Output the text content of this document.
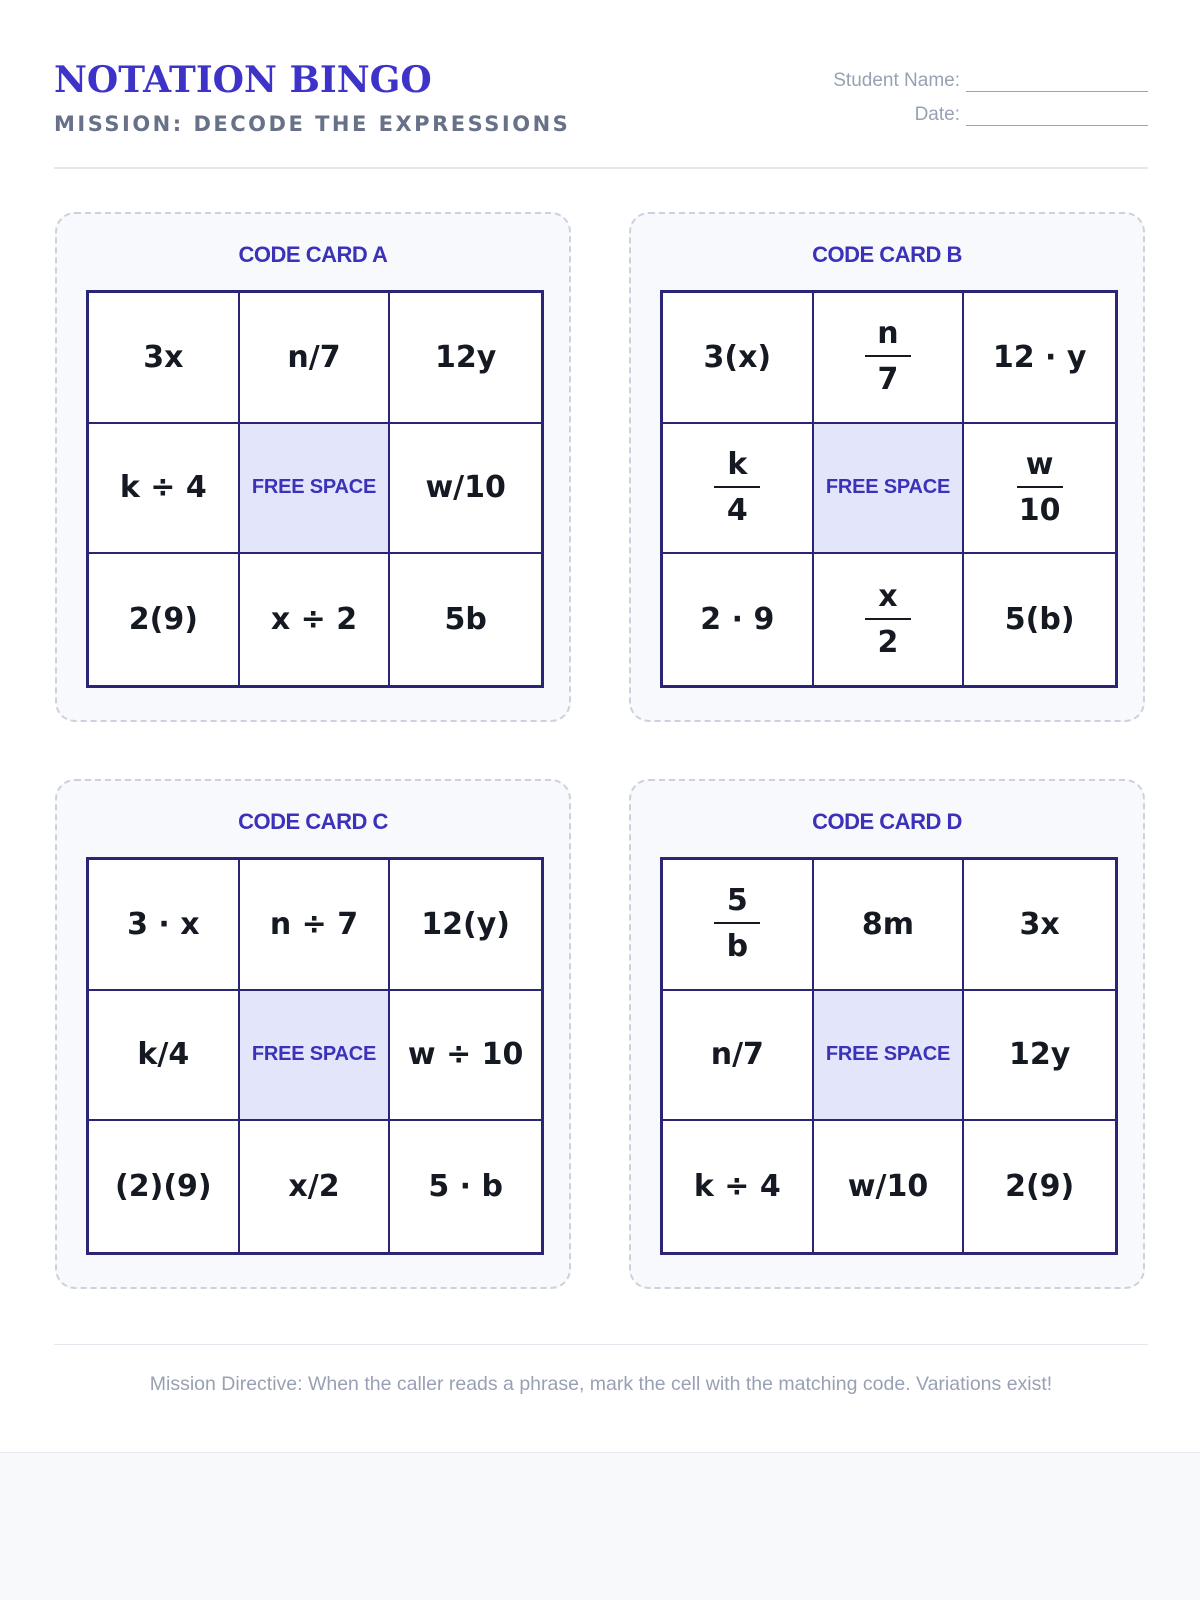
NOTATION BINGO
MISSION: DECODE THE EXPRESSIONS
Student Name:
Date:
CODE CARD A
3x	n/7	12y
k ÷ 4	FREE SPACE	w/10
2(9)	x ÷ 2	5b
CODE CARD B
3(x)	$\frac{n}{7}$	12 ⋅ y
$\frac{k}{4}$	FREE SPACE	$\frac{w}{10}$
2 ⋅ 9	$\frac{x}{2}$	5(b)
CODE CARD C
3 ⋅ x	n ÷ 7	12(y)
k/4	FREE SPACE	w ÷ 10
(2)(9)	x/2	5 ⋅ b
CODE CARD D
$\frac{5}{b}$	8m	3x
n/7	FREE SPACE	12y
k ÷ 4	w/10	2(9)
Mission Directive: When the caller reads a phrase, mark the cell with the matching code. Variations exist!
